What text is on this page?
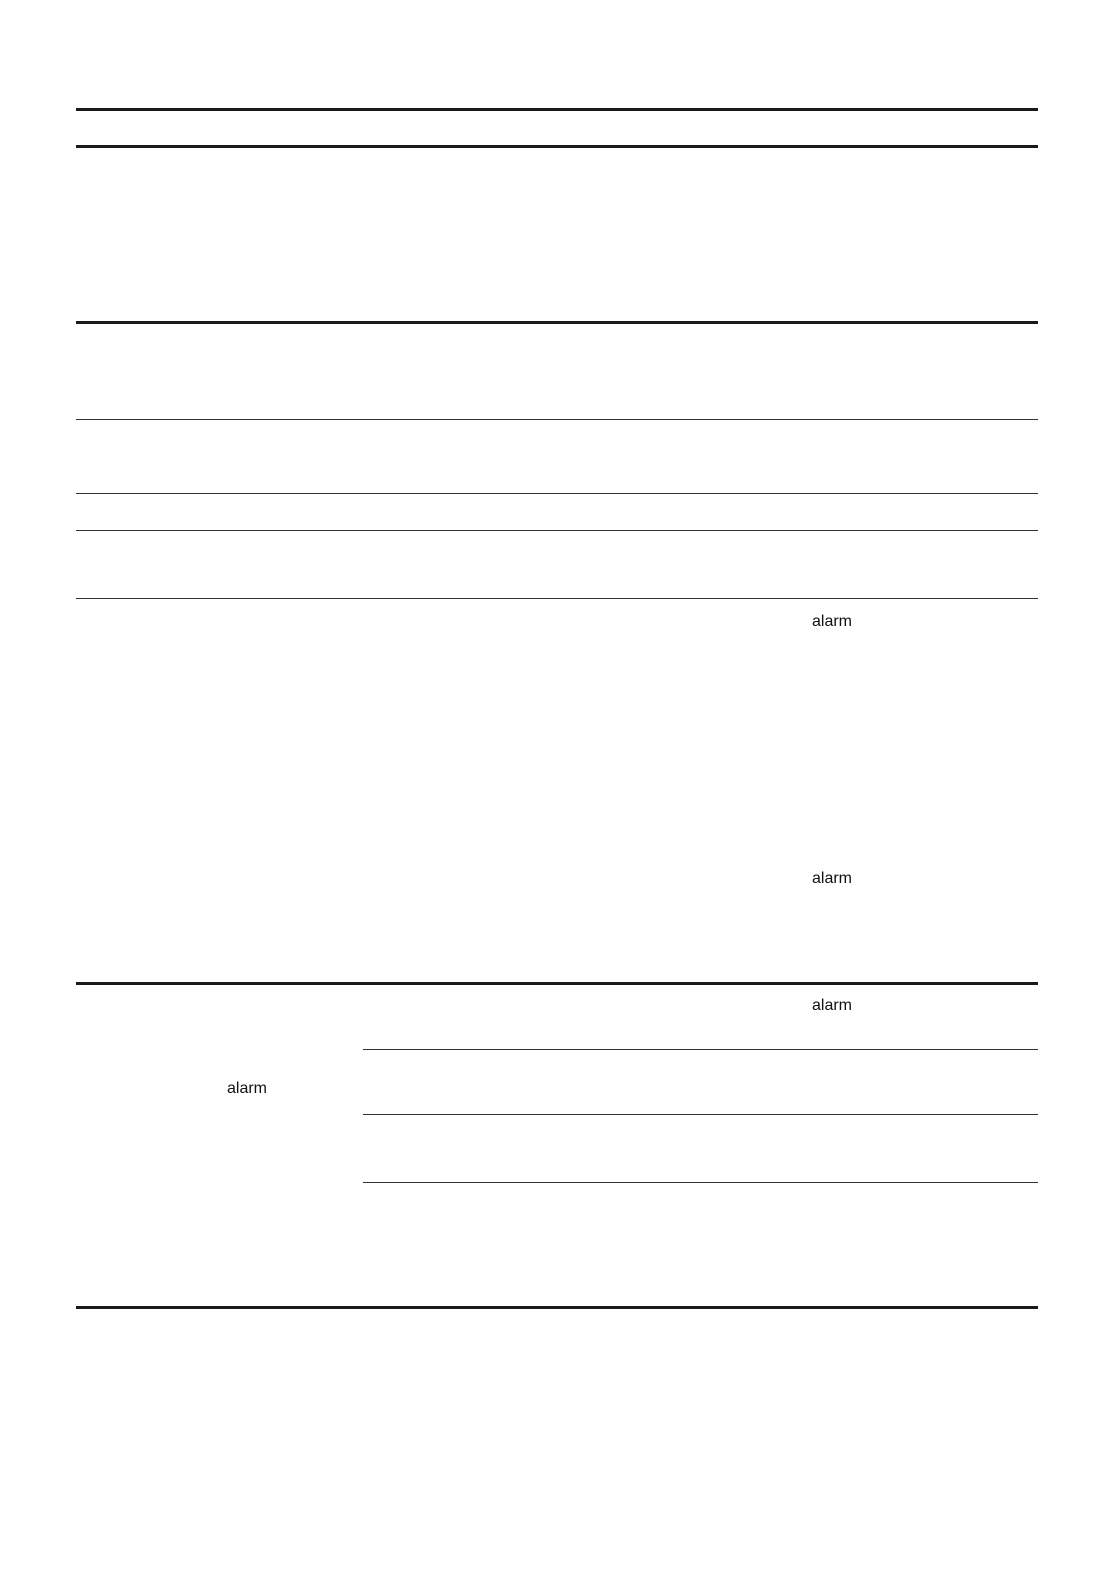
alarm
alarm
alarm
alarm
